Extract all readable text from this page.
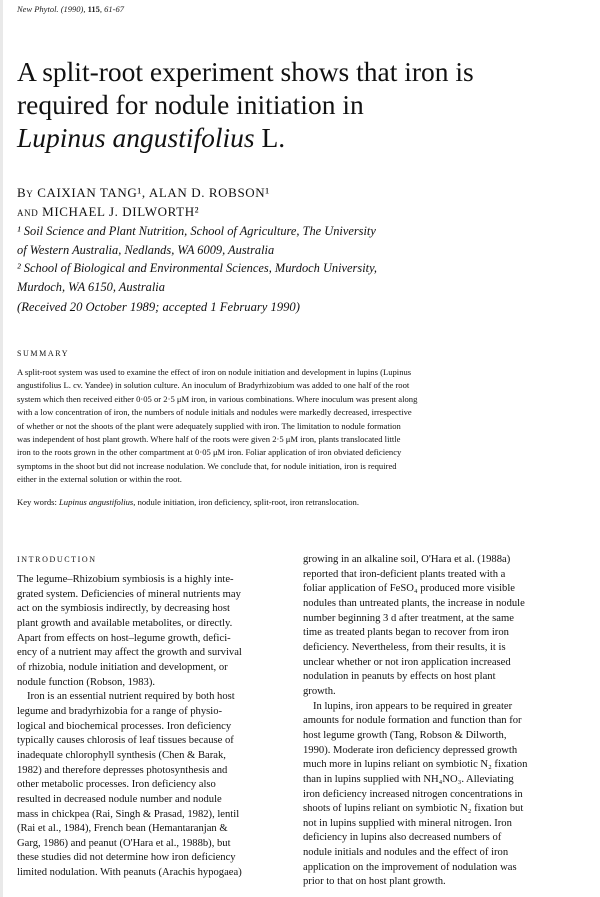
New Phytol. (1990), 115, 61-67
A split-root experiment shows that iron is
required for nodule initiation in
Lupinus angustifolius L.
By CAIXIAN TANG¹, ALAN D. ROBSON¹
and MICHAEL J. DILWORTH²
¹ Soil Science and Plant Nutrition, School of Agriculture, The University
of Western Australia, Nedlands, WA 6009, Australia
² School of Biological and Environmental Sciences, Murdoch University,
Murdoch, WA 6150, Australia
(Received 20 October 1989; accepted 1 February 1990)
SUMMARY
A split-root system was used to examine the effect of iron on nodule initiation and development in lupins (Lupinus
angustifolius L. cv. Yandee) in solution culture. An inoculum of Bradyrhizobium was added to one half of the root
system which then received either 0·05 or 2·5 μM iron, in various combinations. Where inoculum was present along
with a low concentration of iron, the numbers of nodule initials and nodules were markedly decreased, irrespective
of whether or not the shoots of the plant were adequately supplied with iron. The limitation to nodule formation
was independent of host plant growth. Where half of the roots were given 2·5 μM iron, plants translocated little
iron to the roots grown in the other compartment at 0·05 μM iron. Foliar application of iron obviated deficiency
symptoms in the shoot but did not increase nodulation. We conclude that, for nodule initiation, iron is required
either in the external solution or within the root.
Key words: Lupinus angustifolius, nodule initiation, iron deficiency, split-root, iron retranslocation.
INTRODUCTION
The legume–Rhizobium symbiosis is a highly inte-
grated system. Deficiencies of mineral nutrients may
act on the symbiosis indirectly, by decreasing host
plant growth and available metabolites, or directly.
Apart from effects on host–legume growth, defici-
ency of a nutrient may affect the growth and survival
of rhizobia, nodule initiation and development, or
nodule function (Robson, 1983).
Iron is an essential nutrient required by both host
legume and bradyrhizobia for a range of physio-
logical and biochemical processes. Iron deficiency
typically causes chlorosis of leaf tissues because of
inadequate chlorophyll synthesis (Chen & Barak,
1982) and therefore depresses photosynthesis and
other metabolic processes. Iron deficiency also
resulted in decreased nodule number and nodule
mass in chickpea (Rai, Singh & Prasad, 1982), lentil
(Rai et al., 1984), French bean (Hemantaranjan &
Garg, 1986) and peanut (O'Hara et al., 1988b), but
these studies did not determine how iron deficiency
limited nodulation. With peanuts (Arachis hypogaea)
growing in an alkaline soil, O'Hara et al. (1988a)
reported that iron-deficient plants treated with a
foliar application of FeSO₄ produced more visible
nodules than untreated plants, the increase in nodule
number beginning 3 d after treatment, at the same
time as treated plants began to recover from iron
deficiency. Nevertheless, from their results, it is
unclear whether or not iron application increased
nodulation in peanuts by effects on host plant
growth.
In lupins, iron appears to be required in greater
amounts for nodule formation and function than for
host legume growth (Tang, Robson & Dilworth,
1990). Moderate iron deficiency depressed growth
much more in lupins reliant on symbiotic N₂ fixation
than in lupins supplied with NH₄NO₃. Alleviating
iron deficiency increased nitrogen concentrations in
shoots of lupins reliant on symbiotic N₂ fixation but
not in lupins supplied with mineral nitrogen. Iron
deficiency in lupins also decreased numbers of
nodule initials and nodules and the effect of iron
application on the improvement of nodulation was
prior to that on host plant growth.
